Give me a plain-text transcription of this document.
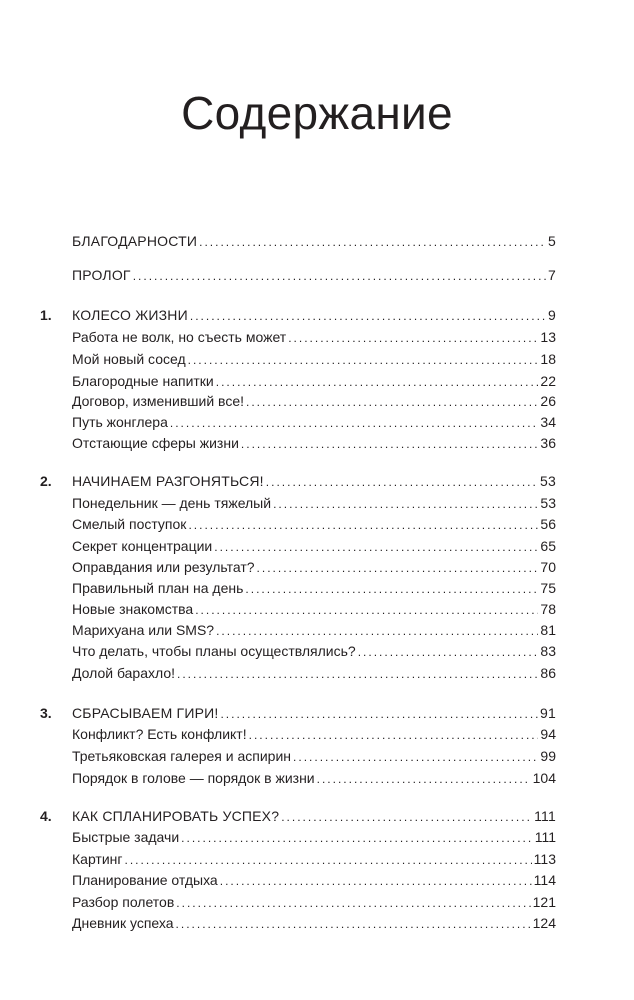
Содержание
БЛАГОДАРНОСТИ .....	5
ПРОЛОГ .....	7
1. КОЛЕСО ЖИЗНИ .....	9
Работа не волк, но съесть может .....	13
Мой новый сосед .....	18
Благородные напитки .....	22
Договор, изменивший все! .....	26
Путь жонглера .....	34
Отстающие сферы жизни .....	36
2. НАЧИНАЕМ РАЗГОНЯТЬСЯ! .....	53
Понедельник — день тяжелый .....	53
Смелый поступок .....	56
Секрет концентрации .....	65
Оправдания или результат? .....	70
Правильный план на день .....	75
Новые знакомства .....	78
Марихуана или SMS? .....	81
Что делать, чтобы планы осуществлялись? .....	83
Долой барахло! .....	86
3. СБРАСЫВАЕМ ГИРИ! .....	91
Конфликт? Есть конфликт! .....	94
Третьяковская галерея и аспирин .....	99
Порядок в голове — порядок в жизни .....	104
4. КАК СПЛАНИРОВАТЬ УСПЕХ? .....	111
Быстрые задачи .....	111
Картинг .....	113
Планирование отдыха .....	114
Разбор полетов .....	121
Дневник успеха .....	124
